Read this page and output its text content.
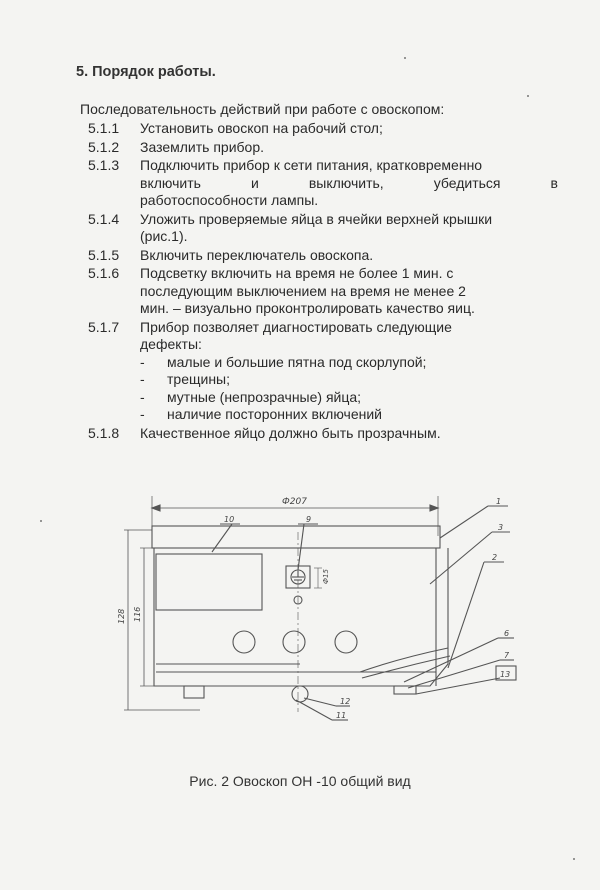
5. Порядок работы.
Последовательность действий при работе с овоскопом:
5.1.1	Установить овоскоп на рабочий стол;
5.1.2	Заземлить прибор.
5.1.3	Подключить прибор к сети питания, кратковременно
включить и выключить, убедиться в
работоспособности лампы.
5.1.4	Уложить проверяемые яйца в ячейки верхней крышки
(рис.1).
5.1.5	Включить переключатель овоскопа.
5.1.6	Подсветку включить на время не более 1 мин. с
последующим выключением на время не менее 2
мин. – визуально проконтролировать качество яиц.
5.1.7	Прибор позволяет диагностировать следующие
дефекты:
-	малые и большие пятна под скорлупой;
-	трещины;
-	мутные (непрозрачные) яйца;
-	наличие посторонних включений
5.1.8	Качественное яйцо должно быть прозрачным.
Ф207
128 116
Ф15
10	9
1
3
2
6
7
13
12
11
Рис. 2 Овоскоп ОН -10 общий вид
